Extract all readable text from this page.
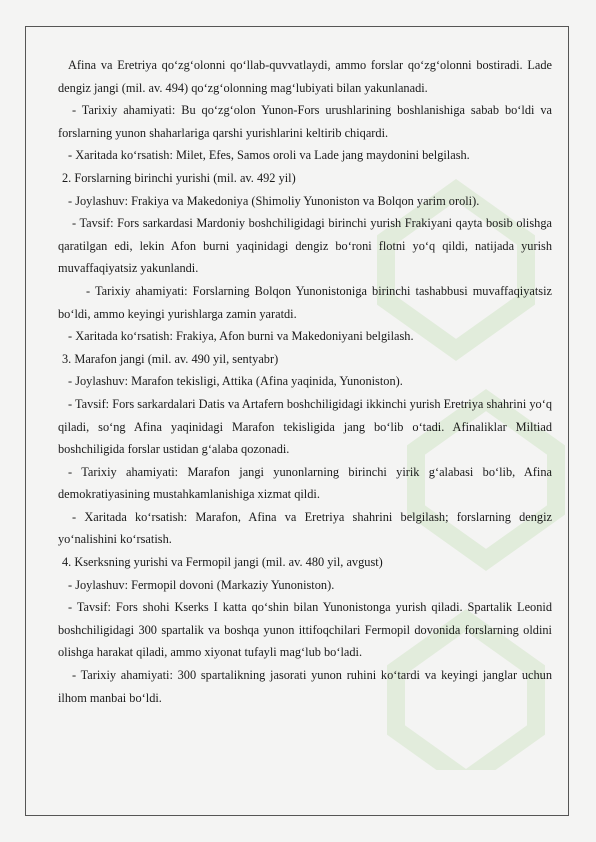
Afina va Eretriya qo‘zg‘olonni qo‘llab-quvvatlaydi, ammo forslar qo‘zg‘olonni bostiradi. Lade dengiz jangi (mil. av. 494) qo‘zg‘olonning mag‘lubiyati bilan yakunlanadi.

- Tarixiy ahamiyati: Bu qo‘zg‘olon Yunon-Fors urushlarining boshlanishiga sabab bo‘ldi va forslarning yunon shaharlariga qarshi yurishlarini keltirib chiqardi.

- Xaritada ko‘rsatish: Milet, Efes, Samos oroli va Lade jang maydonini belgilash.

2. Forslarning birinchi yurishi (mil. av. 492 yil)

- Joylashuv: Frakiya va Makedoniya (Shimoliy Yunoniston va Bolqon yarim oroli).

- Tavsif: Fors sarkardasi Mardoniy boshchiligidagi birinchi yurish Frakiyani qayta bosib olishga qaratilgan edi, lekin Afon burni yaqinidagi dengiz bo‘roni flotni yo‘q qildi, natijada yurish muvaffaqiyatsiz yakunlandi.

- Tarixiy ahamiyati: Forslarning Bolqon Yunonistoniga birinchi tashabbusi muvaffaqiyatsiz bo‘ldi, ammo keyingi yurishlarga zamin yaratdi.

- Xaritada ko‘rsatish: Frakiya, Afon burni va Makedoniyani belgilash.

3. Marafon jangi (mil. av. 490 yil, sentyabr)

- Joylashuv: Marafon tekisligi, Attika (Afina yaqinida, Yunoniston).

- Tavsif: Fors sarkardalari Datis va Artafern boshchiligidagi ikkinchi yurish Eretriya shahrini yo‘q qiladi, so‘ng Afina yaqinidagi Marafon tekisligida jang bo‘lib o‘tadi. Afinaliklar Miltiad boshchiligida forslar ustidan g‘alaba qozonadi.

- Tarixiy ahamiyati: Marafon jangi yunonlarning birinchi yirik g‘alabasi bo‘lib, Afina demokratiyasining mustahkamlanishiga xizmat qildi.

- Xaritada ko‘rsatish: Marafon, Afina va Eretriya shahrini belgilash; forslarning dengiz yo‘nalishini ko‘rsatish.

4. Kserksning yurishi va Fermopil jangi (mil. av. 480 yil, avgust)

- Joylashuv: Fermopil dovoni (Markaziy Yunoniston).

- Tavsif: Fors shohi Kserks I katta qo‘shin bilan Yunonistonga yurish qiladi. Spartalik Leonid boshchiligidagi 300 spartalik va boshqa yunon ittifoqchilari Fermopil dovonida forslarning oldini olishga harakat qiladi, ammo xiyonat tufayli mag‘lub bo‘ladi.

- Tarixiy ahamiyati: 300 spartalikning jasorati yunon ruhini ko‘tardi va keyingi janglar uchun ilhom manbai bo‘ldi.
